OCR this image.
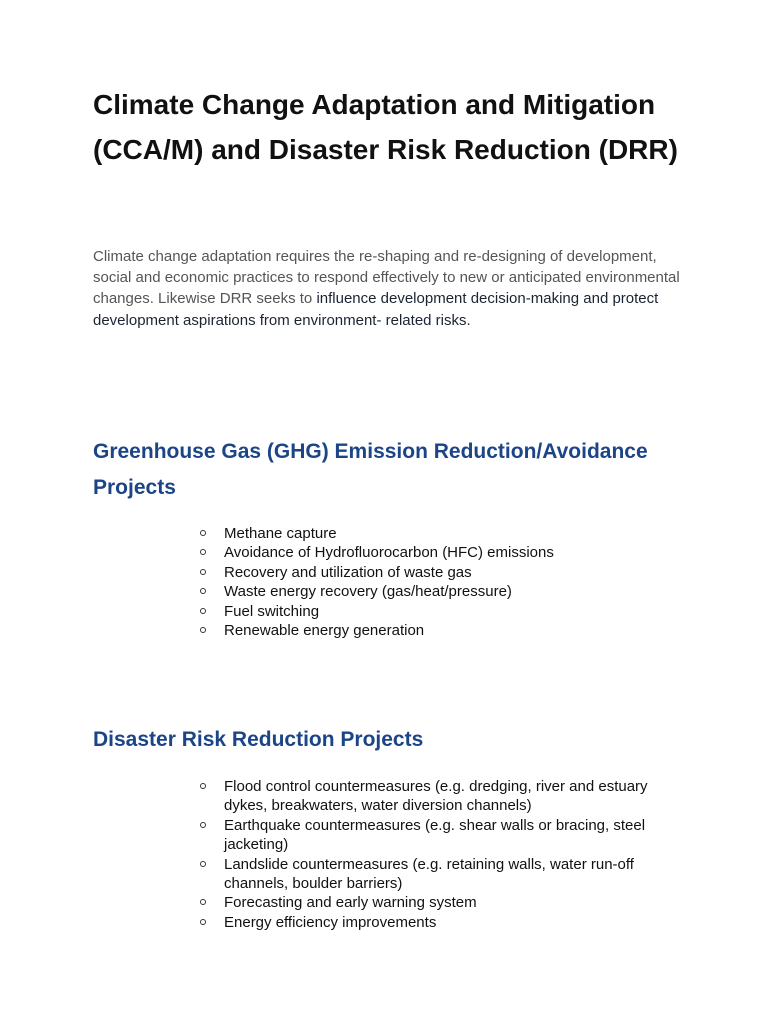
Climate Change Adaptation and Mitigation (CCA/M) and Disaster Risk Reduction (DRR)

Climate change adaptation requires the re-shaping and re-designing of development, social and economic practices to respond effectively to new or anticipated environmental changes. Likewise DRR seeks to influence development decision-making and protect development aspirations from environment- related risks.

Greenhouse Gas (GHG) Emission Reduction/Avoidance Projects
Methane capture
Avoidance of Hydrofluorocarbon (HFC) emissions
Recovery and utilization of waste gas
Waste energy recovery (gas/heat/pressure)
Fuel switching
Renewable energy generation
Disaster Risk Reduction Projects
Flood control countermeasures (e.g. dredging, river and estuary dykes, breakwaters, water diversion channels)
Earthquake countermeasures (e.g. shear walls or bracing, steel jacketing)
Landslide countermeasures (e.g. retaining walls, water run-off channels, boulder barriers)
Forecasting and early warning system
Energy efficiency improvements
